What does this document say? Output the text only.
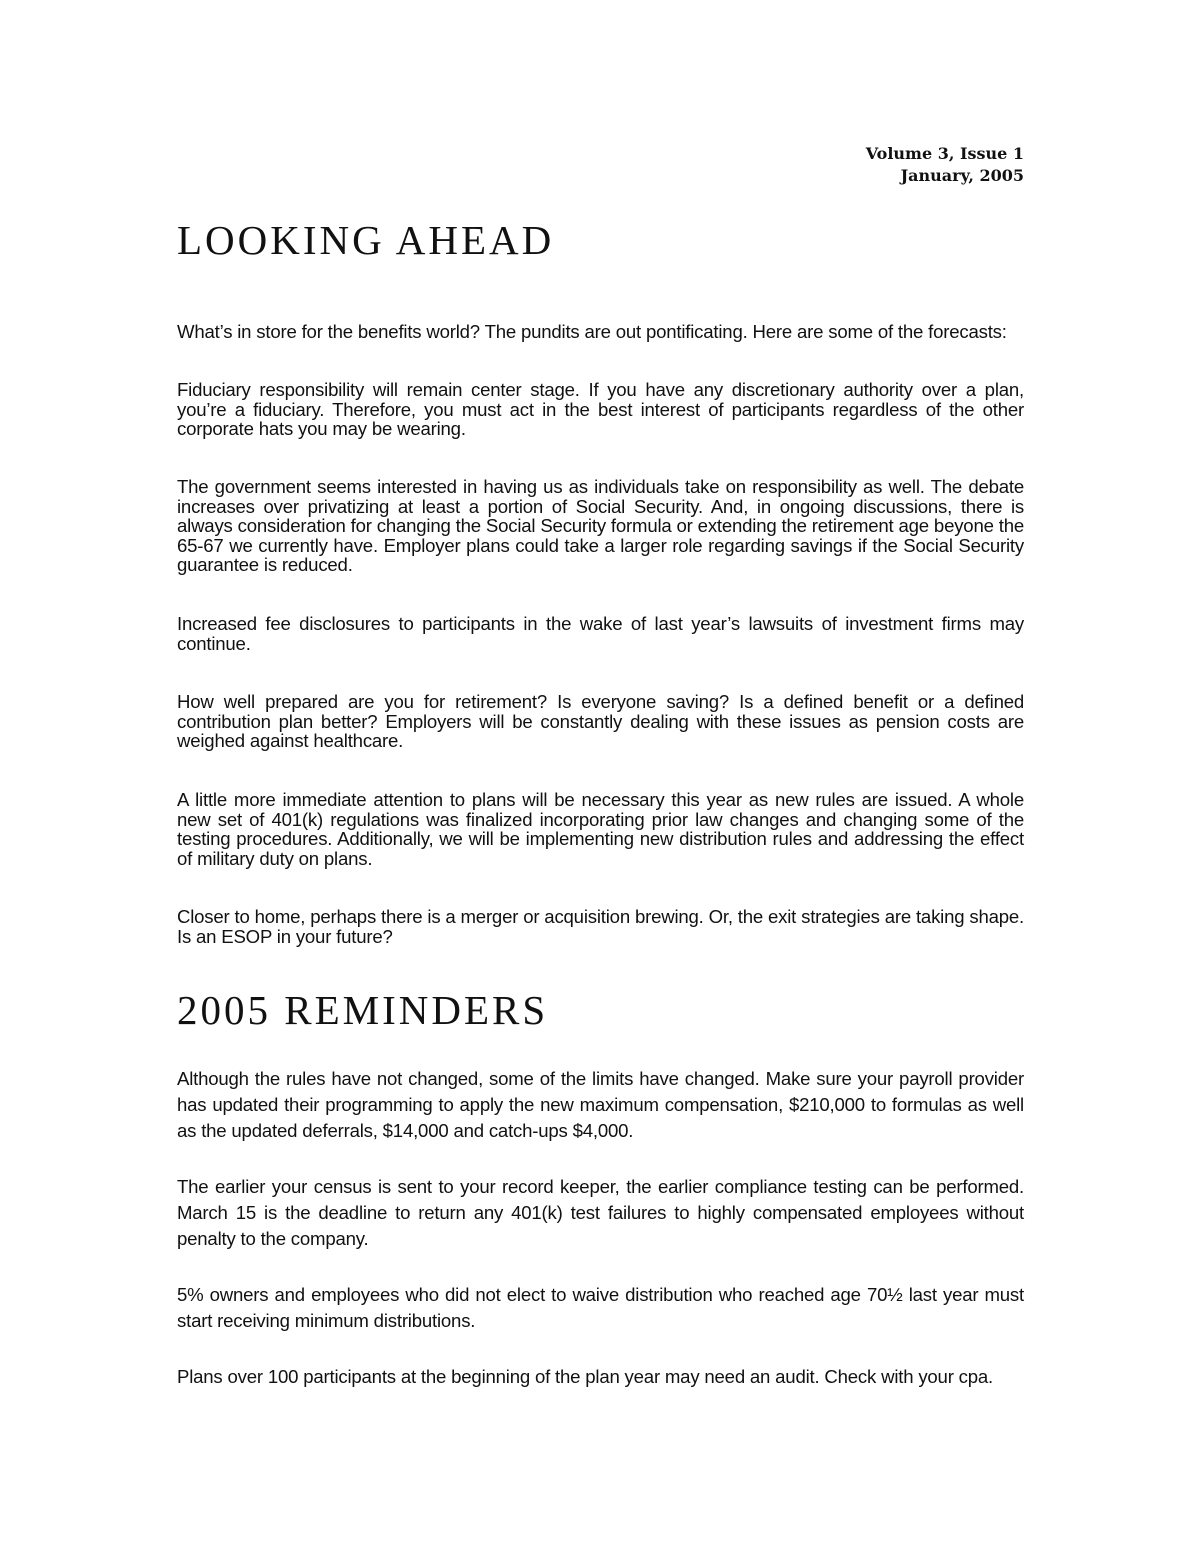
Volume 3, Issue 1
January, 2005
LOOKING AHEAD

What’s in store for the benefits world? The pundits are out pontificating. Here are some of the forecasts:

Fiduciary responsibility will remain center stage. If you have any discretionary authority over a plan, you’re a fiduciary. Therefore, you must act in the best interest of participants regardless of the other corporate hats you may be wearing.

The government seems interested in having us as individuals take on responsibility as well. The debate increases over privatizing at least a portion of Social Security. And, in ongoing discussions, there is always consideration for changing the Social Security formula or extending the retirement age beyone the 65-67 we currently have. Employer plans could take a larger role regarding savings if the Social Security guarantee is reduced.

Increased fee disclosures to participants in the wake of last year’s lawsuits of investment firms may continue.

How well prepared are you for retirement? Is everyone saving? Is a defined benefit or a defined contribution plan better? Employers will be constantly dealing with these issues as pension costs are weighed against healthcare.

A little more immediate attention to plans will be necessary this year as new rules are issued. A whole new set of 401(k) regulations was finalized incorporating prior law changes and changing some of the testing procedures. Additionally, we will be implementing new distribution rules and addressing the effect of military duty on plans.

Closer to home, perhaps there is a merger or acquisition brewing. Or, the exit strategies are taking shape. Is an ESOP in your future?

2005 REMINDERS

Although the rules have not changed, some of the limits have changed. Make sure your payroll provider has updated their programming to apply the new maximum compensation, $210,000 to formulas as well as the updated deferrals, $14,000 and catch-ups $4,000.

The earlier your census is sent to your record keeper, the earlier compliance testing can be performed. March 15 is the deadline to return any 401(k) test failures to highly compensated employees without penalty to the company.

5% owners and employees who did not elect to waive distribution who reached age 70½ last year must start receiving minimum distributions.

Plans over 100 participants at the beginning of the plan year may need an audit. Check with your cpa.
